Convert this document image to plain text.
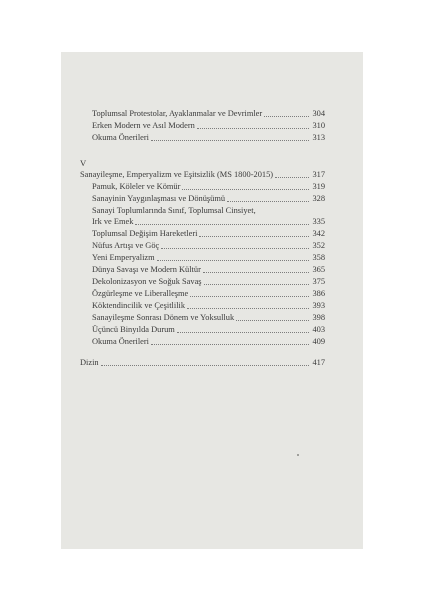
Toplumsal Protestolar, Ayaklanmalar ve Devrimler	304
Erken Modern ve Asıl Modern	310
Okuma Önerileri	313
V
Sanayileşme, Emperyalizm ve Eşitsizlik (MS 1800-2015)	317
Pamuk, Köleler ve Kömür	319
Sanayinin Yaygınlaşması ve Dönüşümü	328
Sanayi Toplumlarında Sınıf, Toplumsal Cinsiyet,
Irk ve Emek	335
Toplumsal Değişim Hareketleri	342
Nüfus Artışı ve Göç	352
Yeni Emperyalizm	358
Dünya Savaşı ve Modern Kültür	365
Dekolonizasyon ve Soğuk Savaş	375
Özgürleşme ve Liberalleşme	386
Köktendincilik ve Çeşitlilik	393
Sanayileşme Sonrası Dönem ve Yoksulluk	398
Üçüncü Binyılda Durum	403
Okuma Önerileri	409
Dizin	417
